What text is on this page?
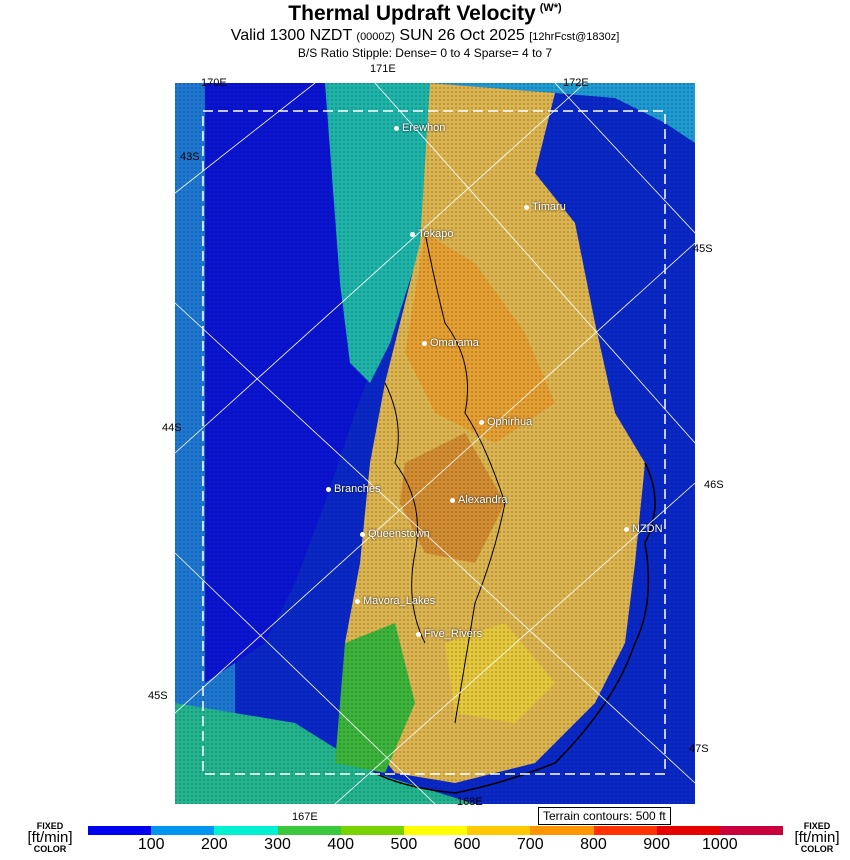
Thermal Updraft Velocity $^{(W*)}$
Valid 1300 NZDT (0000Z) SUN 26 Oct 2025 [12hrFcst@1830z]
B/S Ratio Stipple: Dense= 0 to 4 Sparse= 4 to 7
171E
170E	172E
167E
168E
43S
44S
45S
45S
46S
47S
Erewhon
Timaru
Tekapo
Omarama
Ophirhua
Branches
Alexandra
NZDN
Queenstown
Mavora_Lakes
Five_Rivers
Terrain contours: 500 ft
FIXED
[ft/min]
COLOR
FIXED
[ft/min]
COLOR
100	200	300	400	500	600	700	800	900	1000
